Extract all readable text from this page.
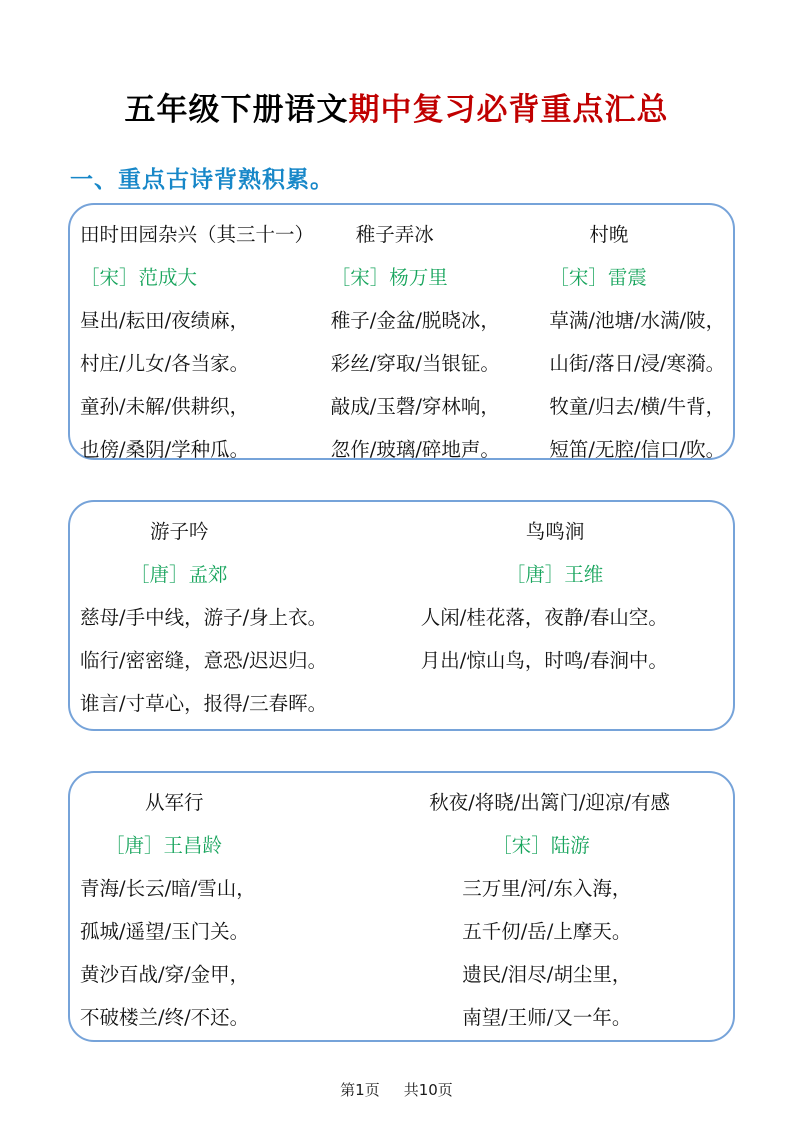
五年级下册语文期中复习必背重点汇总
一、重点古诗背熟积累。
田时田园杂兴（其三十一）
［宋］范成大
昼出/耘田/夜绩麻，
村庄/儿女/各当家。
童孙/未解/供耕织，
也傍/桑阴/学种瓜。
稚子弄冰
［宋］杨万里
稚子/金盆/脱晓冰，
彩丝/穿取/当银钲。
敲成/玉磬/穿林响，
忽作/玻璃/碎地声。
村晚
［宋］雷震
草满/池塘/水满/陂，
山街/落日/浸/寒漪。
牧童/归去/横/牛背，
短笛/无腔/信口/吹。
游子吟
［唐］孟郊
慈母/手中线，游子/身上衣。
临行/密密缝，意恐/迟迟归。
谁言/寸草心，报得/三春晖。
鸟鸣涧
［唐］王维
人闲/桂花落，夜静/春山空。
月出/惊山鸟，时鸣/春涧中。
从军行
［唐］王昌龄
青海/长云/暗/雪山，
孤城/遥望/玉门关。
黄沙百战/穿/金甲，
不破楼兰/终/不还。
秋夜/将晓/出篱门/迎凉/有感
［宋］陆游
三万里/河/东入海，
五千仞/岳/上摩天。
遗民/泪尽/胡尘里，
南望/王师/又一年。
第1页 共10页
